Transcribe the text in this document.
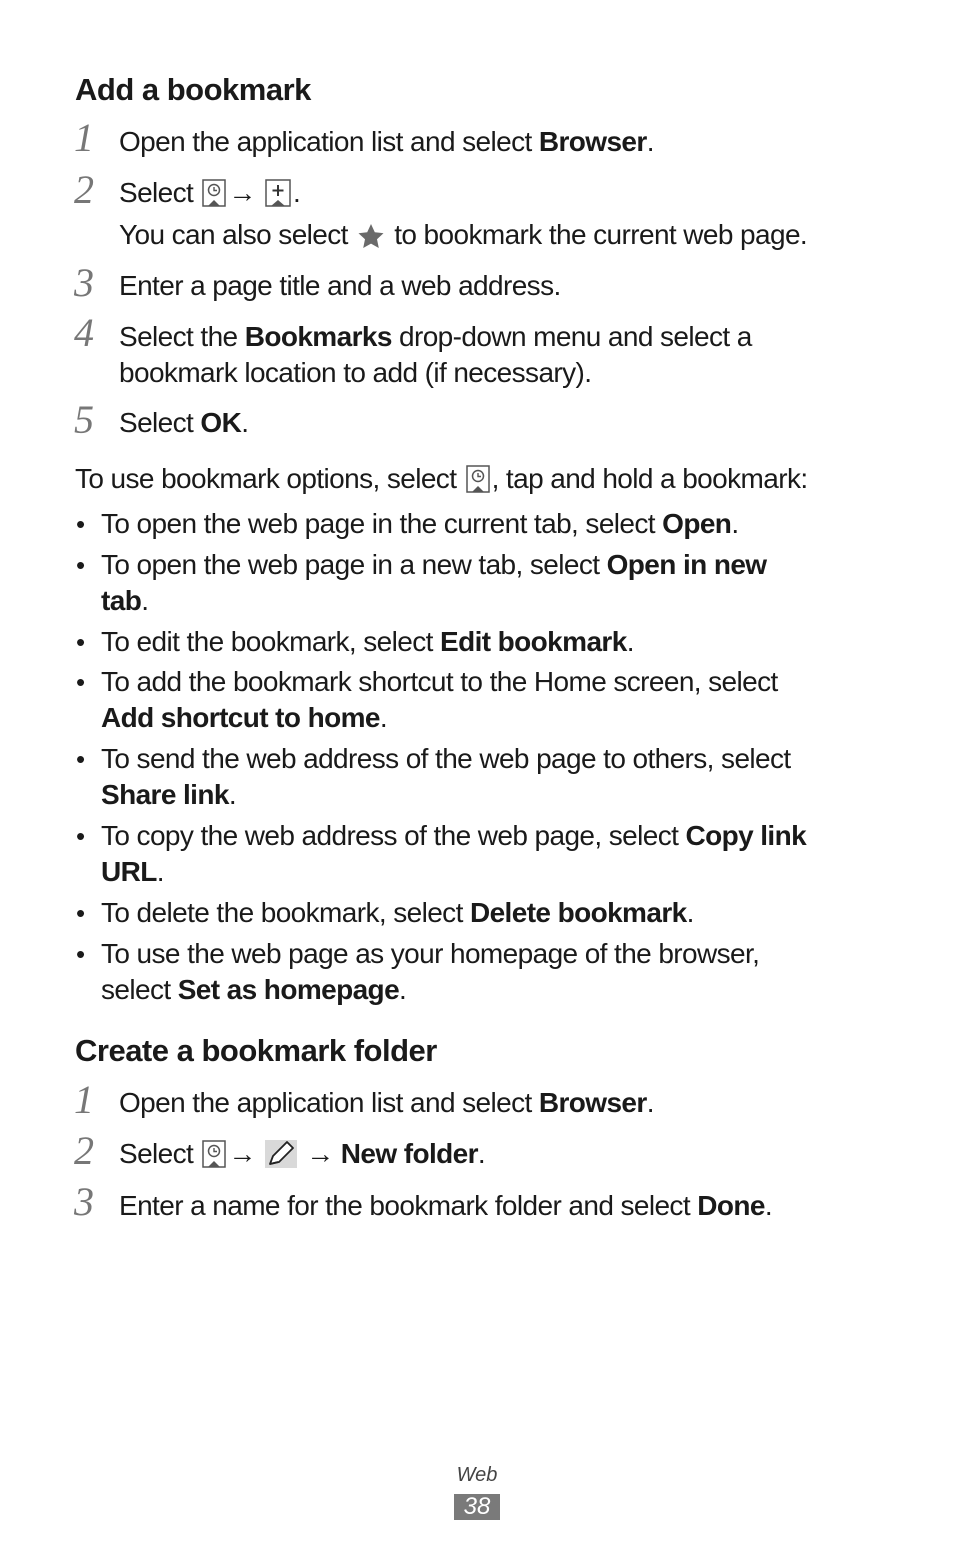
Add a bookmark
1 Open the application list and select Browser.
2 Select
→ .
You can also select
to bookmark the current web page.
3 Enter a page title and a web address.
4 Select the Bookmarks drop-down menu and select a
bookmark location to add (if necessary).
5 Select OK.
To use bookmark options, select
, tap and hold a bookmark:
• To open the web page in the current tab, select Open.
• To open the web page in a new tab, select Open in new
tab.
• To edit the bookmark, select Edit bookmark.
• To add the bookmark shortcut to the Home screen, select
Add shortcut to home.
• To send the web address of the web page to others, select
Share link.
• To copy the web address of the web page, select Copy link
URL.
• To delete the bookmark, select Delete bookmark.
• To use the web page as your homepage of the browser,
select Set as homepage.
Create a bookmark folder
1 Open the application list and select Browser.
2 Select
→ → New folder.
3 Enter a name for the bookmark folder and select Done.
Web
38
